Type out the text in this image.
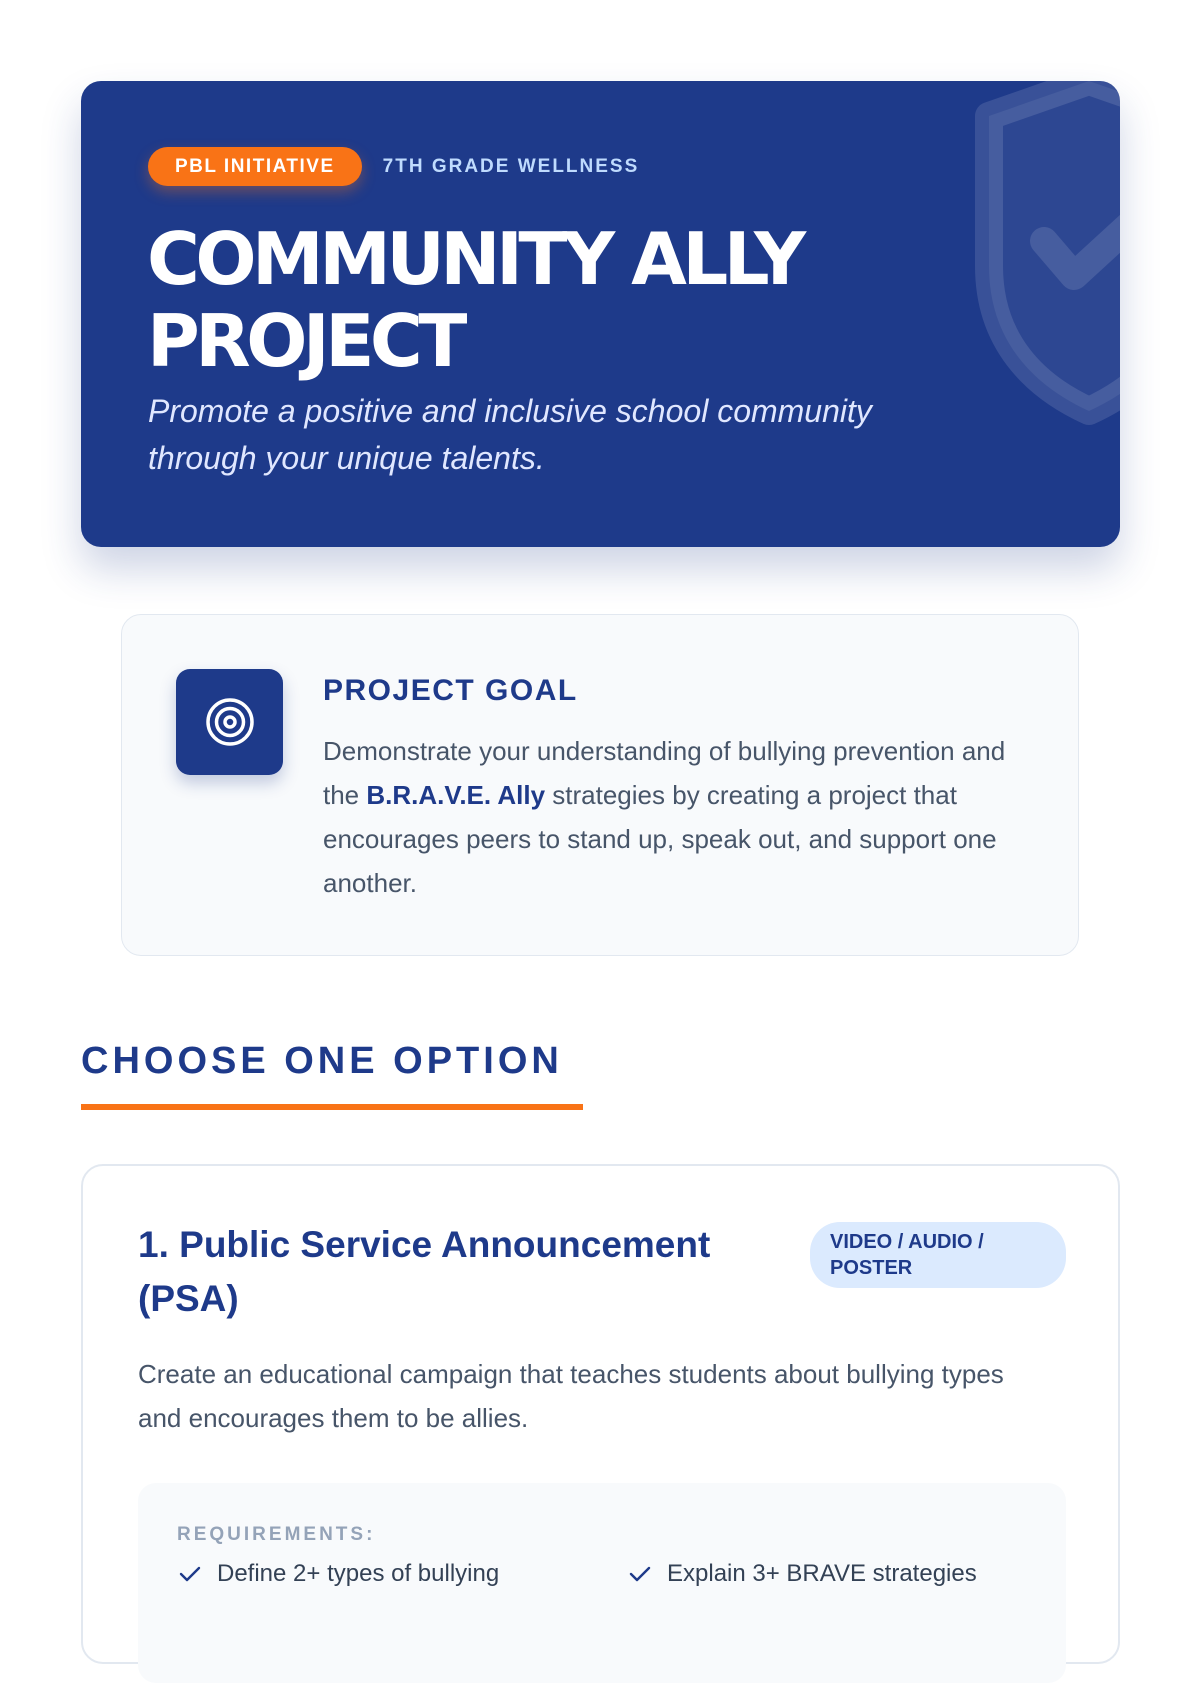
PBL INITIATIVE	7TH GRADE WELLNESS
COMMUNITY ALLY
PROJECT

Promote a positive and inclusive school community
through your unique talents.

PROJECT GOAL

Demonstrate your understanding of bullying prevention and the B.R.A.V.E. Ally strategies by creating a project that encourages peers to stand up, speak out, and support one another.

CHOOSE ONE OPTION
1. Public Service Announcement (PSA)
VIDEO / AUDIO / POSTER

Create an educational campaign that teaches students about bullying types and encourages them to be allies.

REQUIREMENTS:
Define 2+ types of bullying	Explain 3+ BRAVE strategies
